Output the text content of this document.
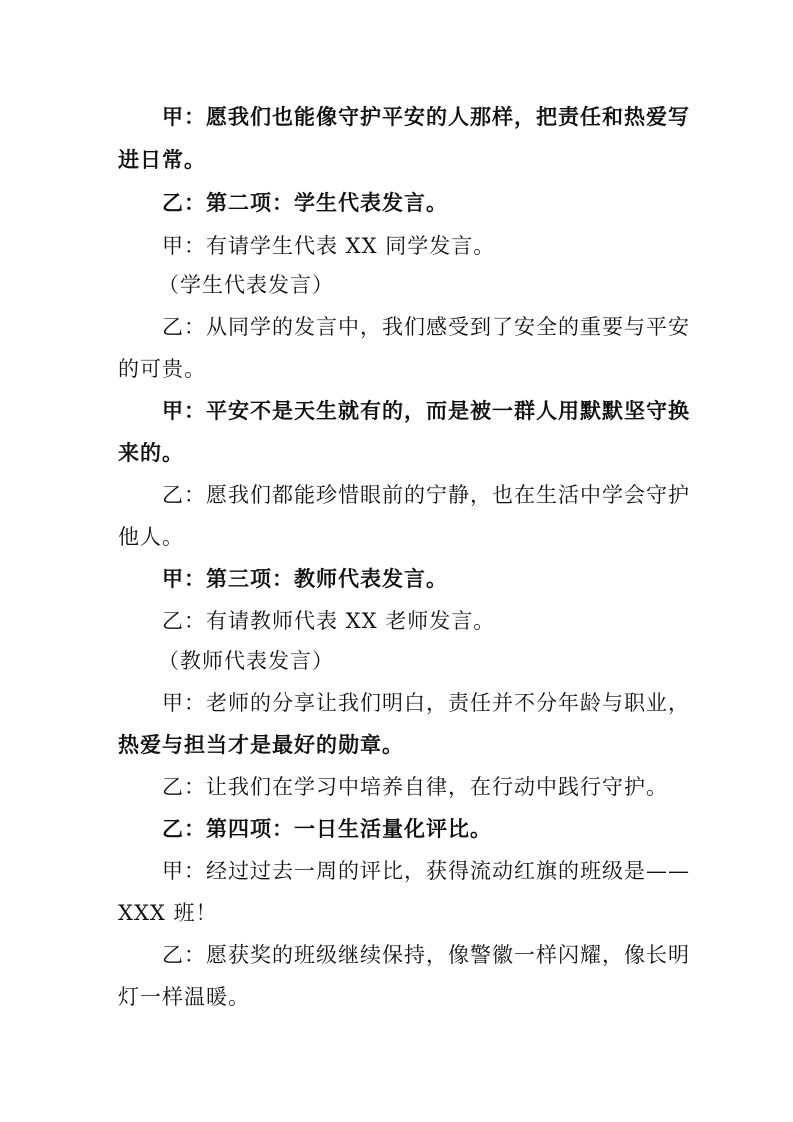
甲：愿我们也能像守护平安的人那样，把责任和热爱写
进日常。
乙：第二项：学生代表发言。
甲：有请学生代表 XX 同学发言。
（学生代表发言）
乙：从同学的发言中，我们感受到了安全的重要与平安
的可贵。
甲：平安不是天生就有的，而是被一群人用默默坚守换
来的。
乙：愿我们都能珍惜眼前的宁静，也在生活中学会守护
他人。
甲：第三项：教师代表发言。
乙：有请教师代表 XX 老师发言。
（教师代表发言）
甲：老师的分享让我们明白，责任并不分年龄与职业，
热爱与担当才是最好的勋章。
乙：让我们在学习中培养自律，在行动中践行守护。
乙：第四项：一日生活量化评比。
甲：经过过去一周的评比，获得流动红旗的班级是——
XXX 班！
乙：愿获奖的班级继续保持，像警徽一样闪耀，像长明
灯一样温暖。
